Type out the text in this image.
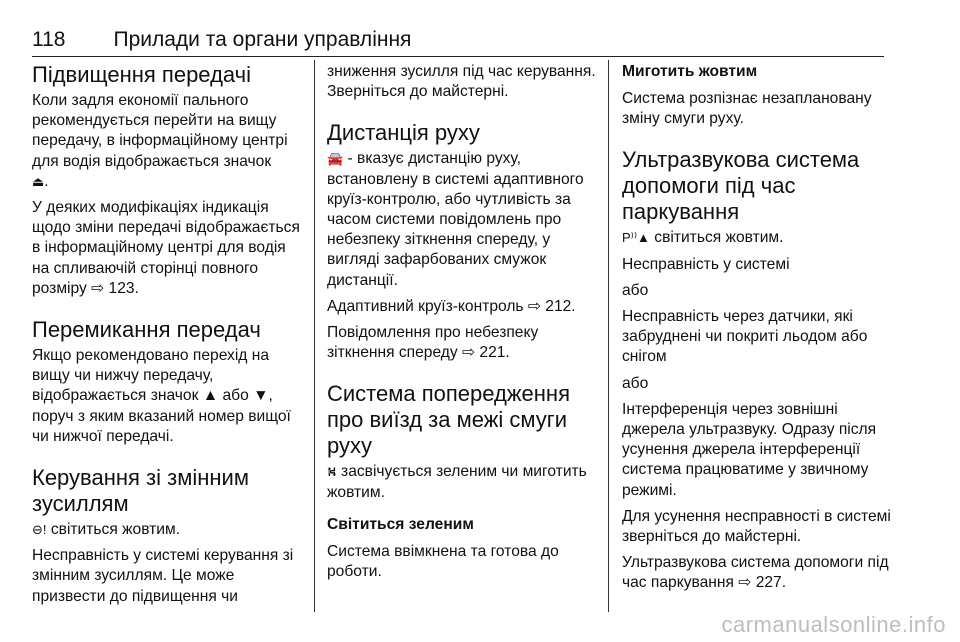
118 Прилади та органи управління
Підвищення передачі

Коли задля економії пального рекомендується перейти на вищу передачу, в інформаційному центрі для водія відображається значок
⏏.

У деяких модифікаціях індикація щодо зміни передачі відображається в інформаційному центрі для водія на спливаючій сторінці повного розміру ⇨ 123.

Перемикання передач

Якщо рекомендовано перехід на вищу чи нижчу передачу, відображається значок ▲ або ▼, поруч з яким вказаний номер вищої чи нижчої передачі.

Керування зі змінним зусиллям

⊖! світиться жовтим.

Несправність у системі керування зі змінним зусиллям. Це може призвести до підвищення чи

зниження зусилля під час керування. Зверніться до майстерні.

Дистанція руху

🚘 - вказує дистанцію руху, встановлену в системі адаптивного круїз-контролю, або чутливість за часом системи повідомлень про небезпеку зіткнення спереду, у вигляді зафарбованих смужок дистанції.

Адаптивний круїз-контроль ⇨ 212.

Повідомлення про небезпеку зіткнення спереду ⇨ 221.

Система попередження про виїзд за межі смуги руху

⛕ засвічується зеленим чи миготить жовтим.

Світиться зеленим

Система ввімкнена та готова до роботи.

Миготить жовтим

Система розпізнає незаплановану зміну смуги руху.

Ультразвукова система допомоги під час паркування

P⁾⁾▲ світиться жовтим.

Несправність у системі

або

Несправність через датчики, які забруднені чи покриті льодом або снігом

або

Інтерференція через зовнішні джерела ультразвуку. Одразу після усунення джерела інтерференції система працюватиме у звичному режимі.

Для усунення несправності в системі зверніться до майстерні.

Ультразвукова система допомоги під час паркування ⇨ 227.

carmanualsonline.info
